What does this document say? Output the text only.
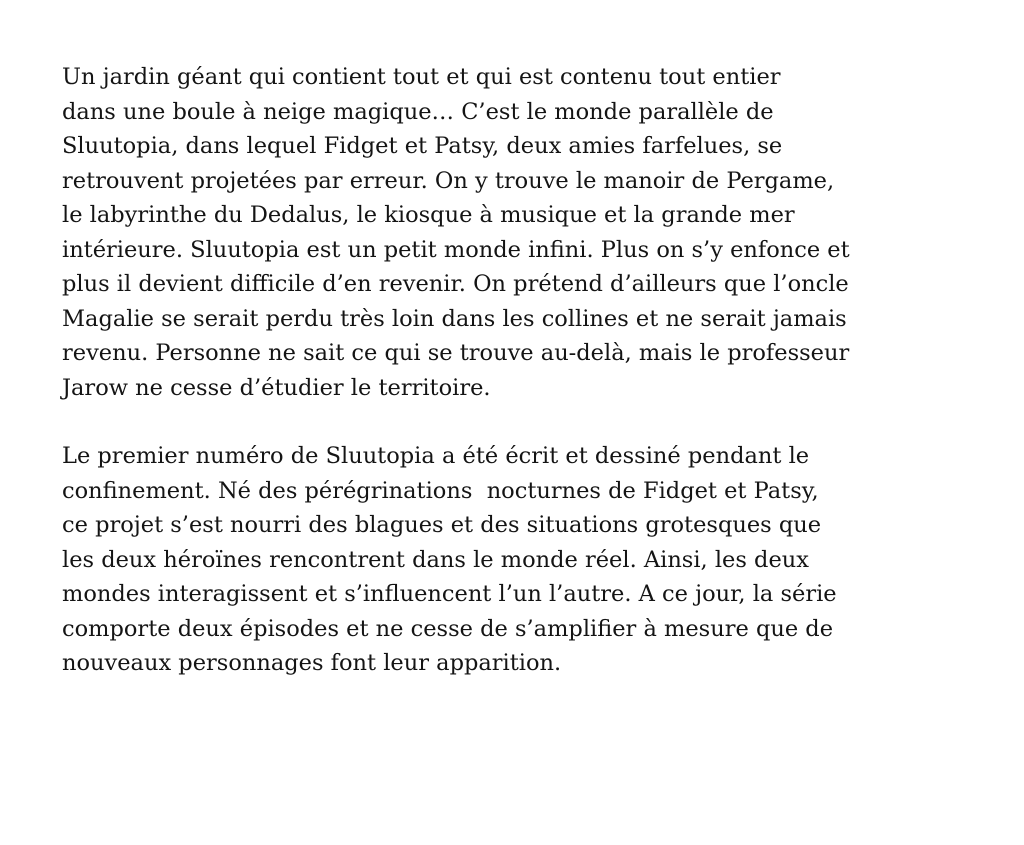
Un jardin géant qui contient tout et qui est contenu tout entier
dans une boule à neige magique… C’est le monde parallèle de
Sluutopia, dans lequel Fidget et Patsy, deux amies farfelues, se
retrouvent projetées par erreur. On y trouve le manoir de Pergame,
le labyrinthe du Dedalus, le kiosque à musique et la grande mer
intérieure. Sluutopia est un petit monde infini. Plus on s’y enfonce et
plus il devient difficile d’en revenir. On prétend d’ailleurs que l’oncle
Magalie se serait perdu très loin dans les collines et ne serait jamais
revenu. Personne ne sait ce qui se trouve au-delà, mais le professeur
Jarow ne cesse d’étudier le territoire.

Le premier numéro de Sluutopia a été écrit et dessiné pendant le
confinement. Né des pérégrinations  nocturnes de Fidget et Patsy,
ce projet s’est nourri des blagues et des situations grotesques que
les deux héroïnes rencontrent dans le monde réel. Ainsi, les deux
mondes interagissent et s’influencent l’un l’autre. A ce jour, la série
comporte deux épisodes et ne cesse de s’amplifier à mesure que de
nouveaux personnages font leur apparition.
